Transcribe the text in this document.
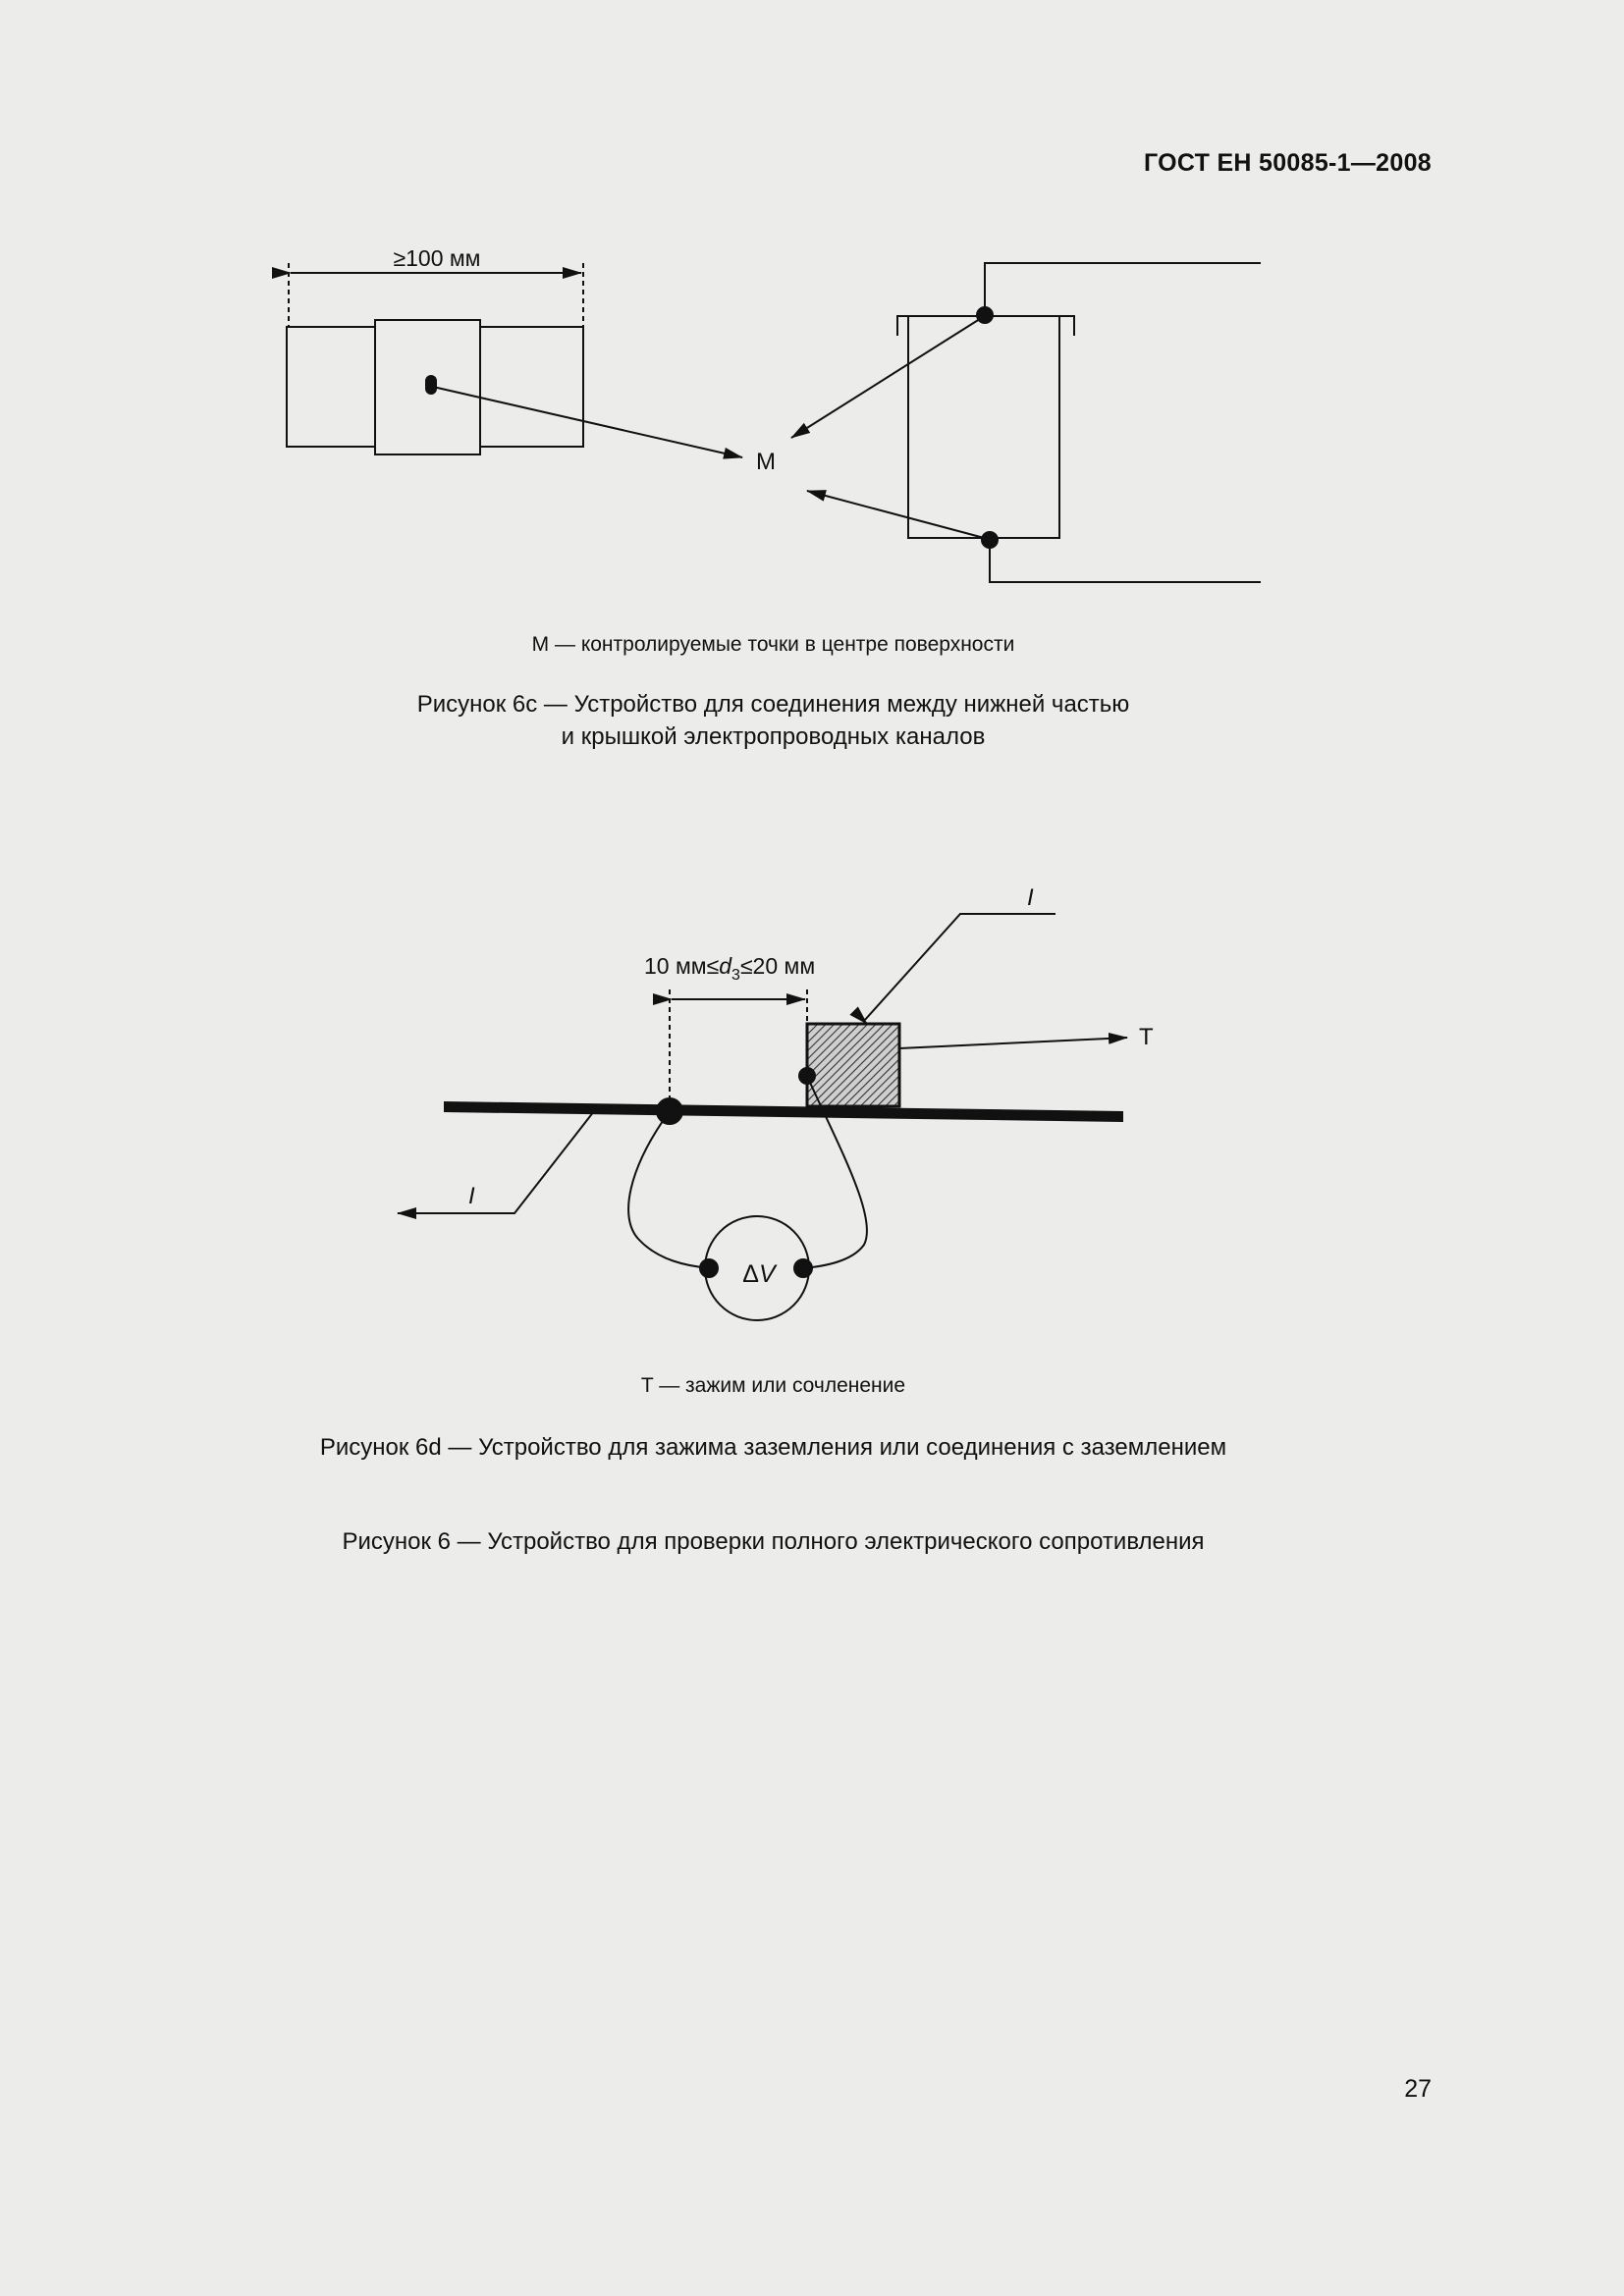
ГОСТ ЕН 50085-1—2008
≥100 мм
M
10 $мм\le d_3\le 20$ мм
I
I
T
ΔV
M — контролируемые точки в центре поверхности
Рисунок 6c — Устройство для соединения между нижней частью
и крышкой электропроводных каналов
T — зажим или сочленение
Рисунок 6d — Устройство для зажима заземления или соединения с заземлением
Рисунок 6 — Устройство для проверки полного электрического сопротивления
27
